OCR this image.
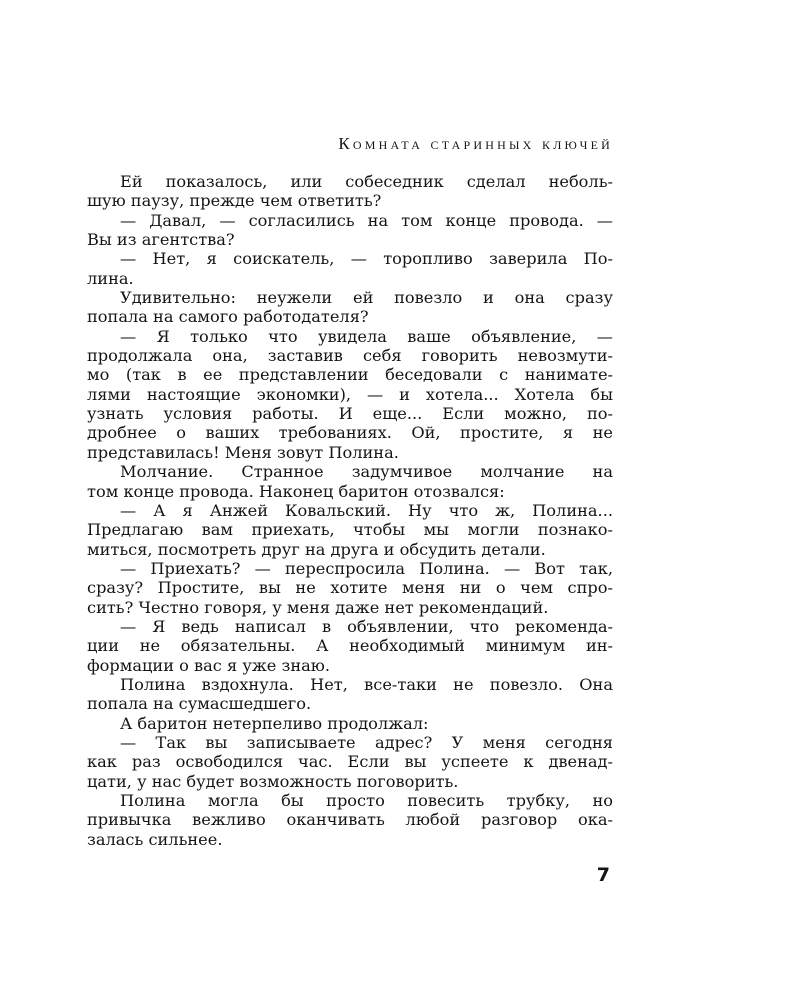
Комната старинных ключей
Ей показалось, или собеседник сделал неболь-
шую паузу, прежде чем ответить?
— Давал, — согласились на том конце провода. —
Вы из агентства?
— Нет, я соискатель, — торопливо заверила По-
лина.
Удивительно: неужели ей повезло и она сразу
попала на самого работодателя?
— Я только что увидела ваше объявление, —
продолжала она, заставив себя говорить невозмути-
мо (так в ее представлении беседовали с нанимате-
лями настоящие экономки), — и хотела... Хотела бы
узнать условия работы. И еще... Если можно, по-
дробнее о ваших требованиях. Ой, простите, я не
представилась! Меня зовут Полина.
Молчание. Странное задумчивое молчание на
том конце провода. Наконец баритон отозвался:
— А я Анжей Ковальский. Ну что ж, Полина...
Предлагаю вам приехать, чтобы мы могли познако-
миться, посмотреть друг на друга и обсудить детали.
— Приехать? — переспросила Полина. — Вот так,
сразу? Простите, вы не хотите меня ни о чем спро-
сить? Честно говоря, у меня даже нет рекомендаций.
— Я ведь написал в объявлении, что рекоменда-
ции не обязательны. А необходимый минимум ин-
формации о вас я уже знаю.
Полина вздохнула. Нет, все-таки не повезло. Она
попала на сумасшедшего.
А баритон нетерпеливо продолжал:
— Так вы записываете адрес? У меня сегодня
как раз освободился час. Если вы успеете к двенад-
цати, у нас будет возможность поговорить.
Полина могла бы просто повесить трубку, но
привычка вежливо оканчивать любой разговор ока-
залась сильнее.
7
